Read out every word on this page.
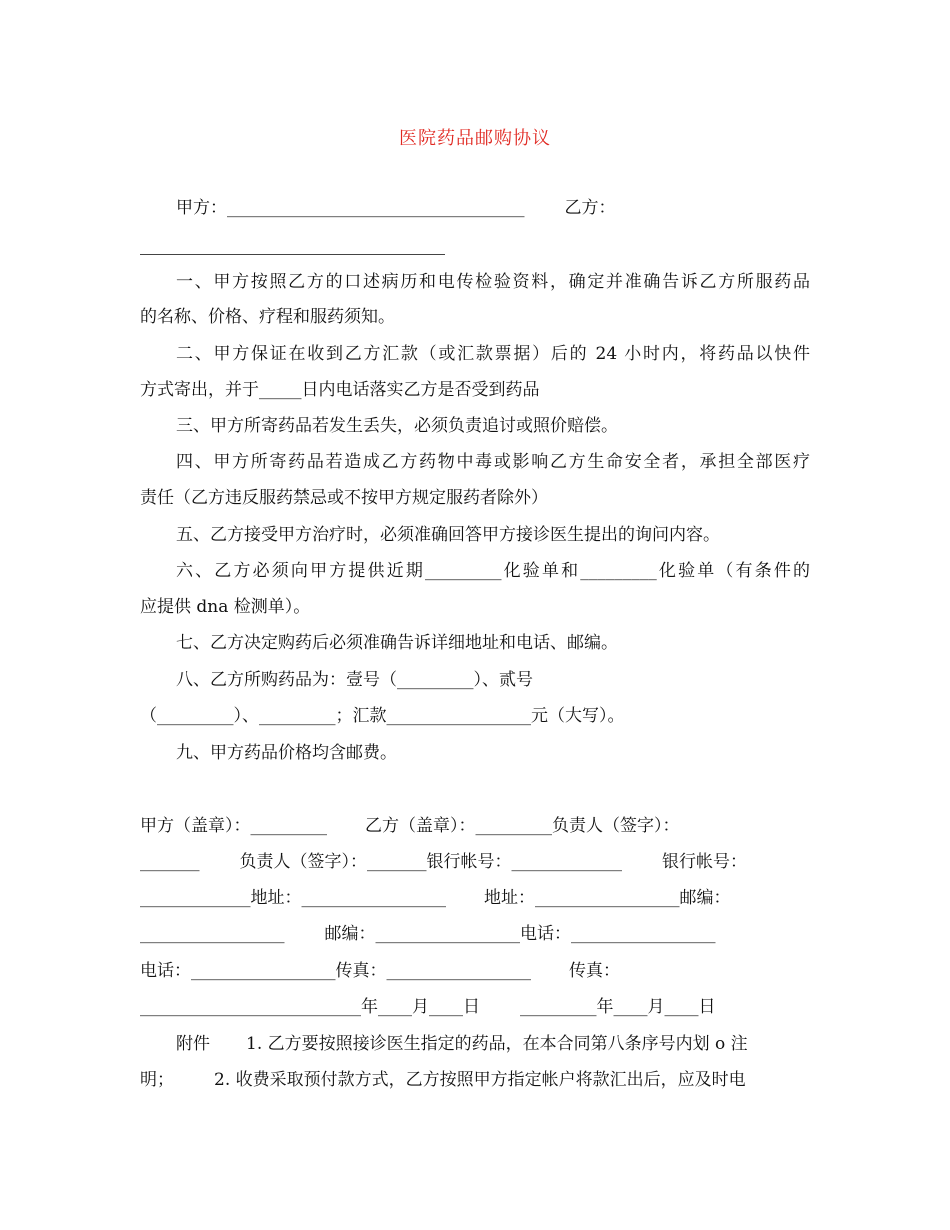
医院药品邮购协议
甲方：___________________________________ 乙方：
一、甲方按照乙方的口述病历和电传检验资料，确定并准确告诉乙方所服药品
的名称、价格、疗程和服药须知。
二、甲方保证在收到乙方汇款（或汇款票据）后的 24 小时内，将药品以快件
方式寄出，并于_____日内电话落实乙方是否受到药品
三、甲方所寄药品若发生丢失，必须负责追讨或照价赔偿。
四、甲方所寄药品若造成乙方药物中毒或影响乙方生命安全者，承担全部医疗
责任（乙方违反服药禁忌或不按甲方规定服药者除外）
五、乙方接受甲方治疗时，必须准确回答甲方接诊医生提出的询问内容。
六、乙方必须向甲方提供近期_________化验单和_________化验单（有条件的
应提供 dna 检测单）。
七、乙方决定购药后必须准确告诉详细地址和电话、邮编。
八、乙方所购药品为：壹号（_________）、贰号
（_________）、_________；汇款_________________元（大写）。
九、甲方药品价格均含邮费。
甲方（盖章）：_________ 乙方（盖章）：_________负责人（签字）：
_______ 负责人（签字）：_______银行帐号：_____________ 银行帐号：
_____________地址：_________________ 地址：_________________邮编：
_________________ 邮编：_________________电话：_________________
电话：_________________传真：_________________ 传真：
__________________________年____月____日 _________年____月____日
附件 1. 乙方要按照接诊医生指定的药品，在本合同第八条序号内划 o 注
明； 2. 收费采取预付款方式，乙方按照甲方指定帐户将款汇出后，应及时电
